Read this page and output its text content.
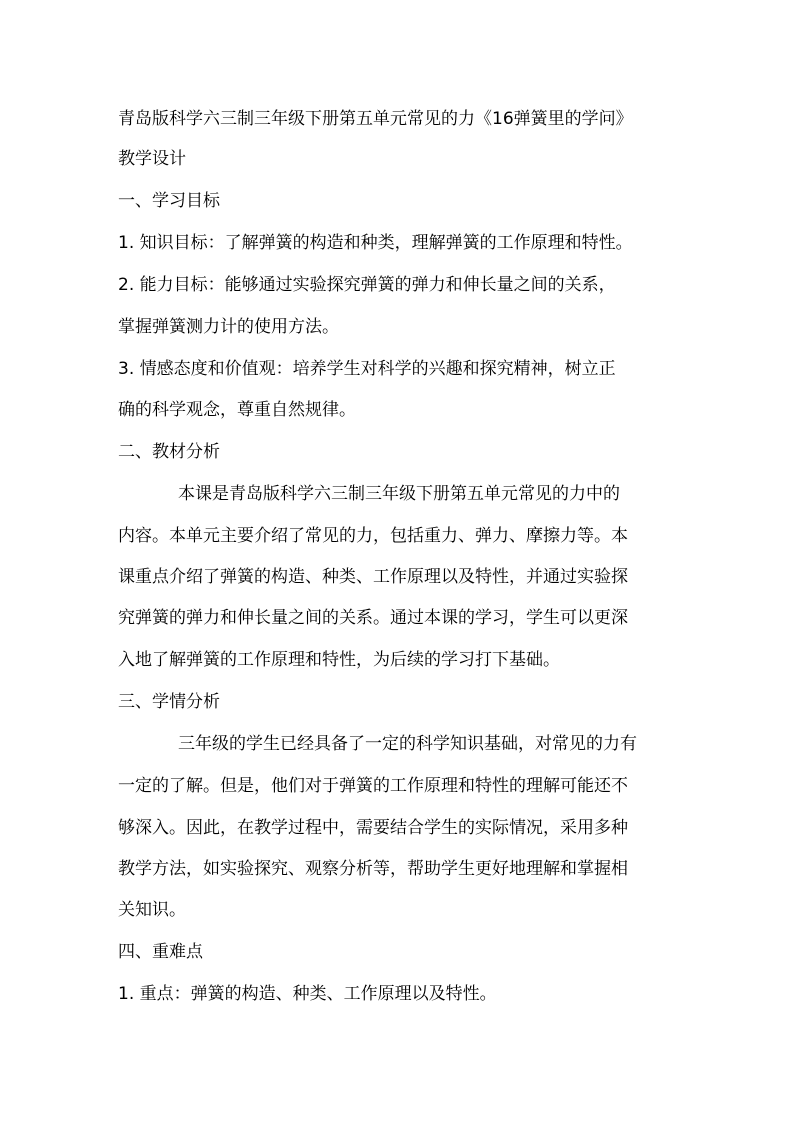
青岛版科学六三制三年级下册第五单元常见的力《16弹簧里的学问》
教学设计
一、学习目标
1. 知识目标：了解弹簧的构造和种类，理解弹簧的工作原理和特性。
2. 能力目标：能够通过实验探究弹簧的弹力和伸长量之间的关系，
掌握弹簧测力计的使用方法。
3. 情感态度和价值观：培养学生对科学的兴趣和探究精神，树立正
确的科学观念，尊重自然规律。
二、教材分析
本课是青岛版科学六三制三年级下册第五单元常见的力中的
内容。本单元主要介绍了常见的力，包括重力、弹力、摩擦力等。本
课重点介绍了弹簧的构造、种类、工作原理以及特性，并通过实验探
究弹簧的弹力和伸长量之间的关系。通过本课的学习，学生可以更深
入地了解弹簧的工作原理和特性，为后续的学习打下基础。
三、学情分析
三年级的学生已经具备了一定的科学知识基础，对常见的力有
一定的了解。但是，他们对于弹簧的工作原理和特性的理解可能还不
够深入。因此，在教学过程中，需要结合学生的实际情况，采用多种
教学方法，如实验探究、观察分析等，帮助学生更好地理解和掌握相
关知识。
四、重难点
1. 重点：弹簧的构造、种类、工作原理以及特性。
